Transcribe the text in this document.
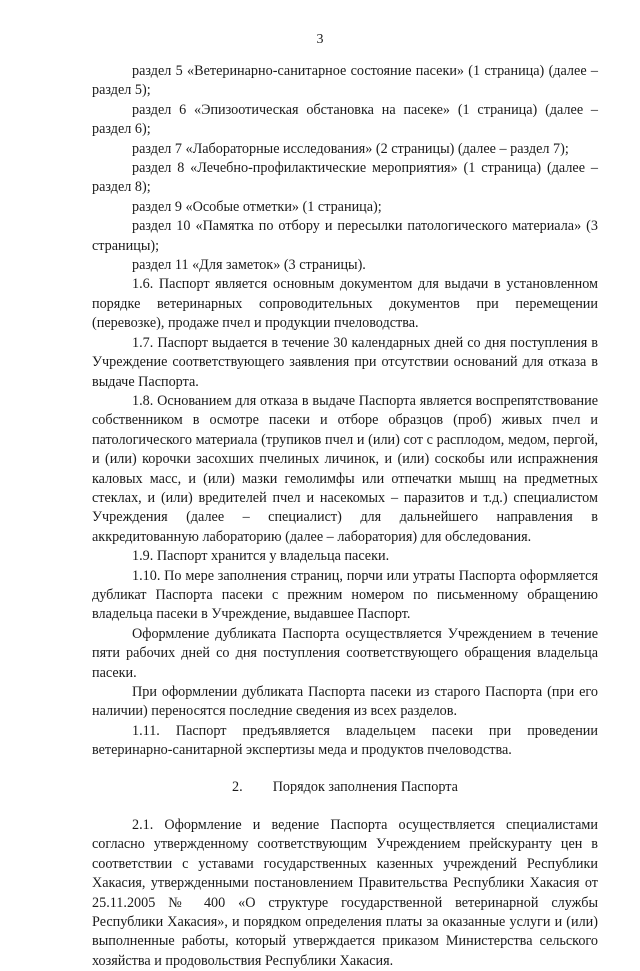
3

раздел 5 «Ветеринарно-санитарное состояние пасеки» (1 страница) (далее – раздел 5);

раздел 6 «Эпизоотическая обстановка на пасеке» (1 страница) (далее – раздел 6);

раздел 7 «Лабораторные исследования» (2 страницы) (далее – раздел 7);

раздел 8 «Лечебно-профилактические мероприятия» (1 страница) (далее – раздел 8);

раздел 9 «Особые отметки» (1 страница);

раздел 10 «Памятка по отбору и пересылки патологического материала» (3 страницы);

раздел 11 «Для заметок» (3 страницы).

1.6. Паспорт является основным документом для выдачи в установленном порядке ветеринарных сопроводительных документов при перемещении (перевозке), продаже пчел и продукции пчеловодства.

1.7. Паспорт выдается в течение 30 календарных дней со дня поступления в Учреждение соответствующего заявления при отсутствии оснований для отказа в выдаче Паспорта.

1.8. Основанием для отказа в выдаче Паспорта является воспрепятствование собственником в осмотре пасеки и отборе образцов (проб) живых пчел и патологического материала (трупиков пчел и (или) сот с расплодом, медом, пергой, и (или) корочки засохших пчелиных личинок, и (или) соскобы или испражнения каловых масс, и (или) мазки гемолимфы или отпечатки мышц на предметных стеклах, и (или) вредителей пчел и насекомых – паразитов и т.д.) специалистом Учреждения (далее – специалист) для дальнейшего направления в аккредитованную лабораторию (далее – лаборатория) для обследования.

1.9. Паспорт хранится у владельца пасеки.

1.10. По мере заполнения страниц, порчи или утраты Паспорта оформляется дубликат Паспорта пасеки с прежним номером по письменному обращению владельца пасеки в Учреждение, выдавшее Паспорт.

Оформление дубликата Паспорта осуществляется Учреждением в течение пяти рабочих дней со дня поступления соответствующего обращения владельца пасеки.

При оформлении дубликата Паспорта пасеки из старого Паспорта (при его наличии) переносятся последние сведения из всех разделов.

1.11. Паспорт предъявляется владельцем пасеки при проведении ветеринарно-санитарной экспертизы меда и продуктов пчеловодства.

2. Порядок заполнения Паспорта

2.1. Оформление и ведение Паспорта осуществляется специалистами согласно утвержденному соответствующим Учреждением прейскуранту цен в соответствии с уставами государственных казенных учреждений Республики Хакасия, утвержденными постановлением Правительства Республики Хакасия от 25.11.2005 № 400 «О структуре государственной ветеринарной службы Республики Хакасия», и порядком определения платы за оказанные услуги и (или) выполненные работы, который утверждается приказом Министерства сельского хозяйства и продовольствия Республики Хакасия.
